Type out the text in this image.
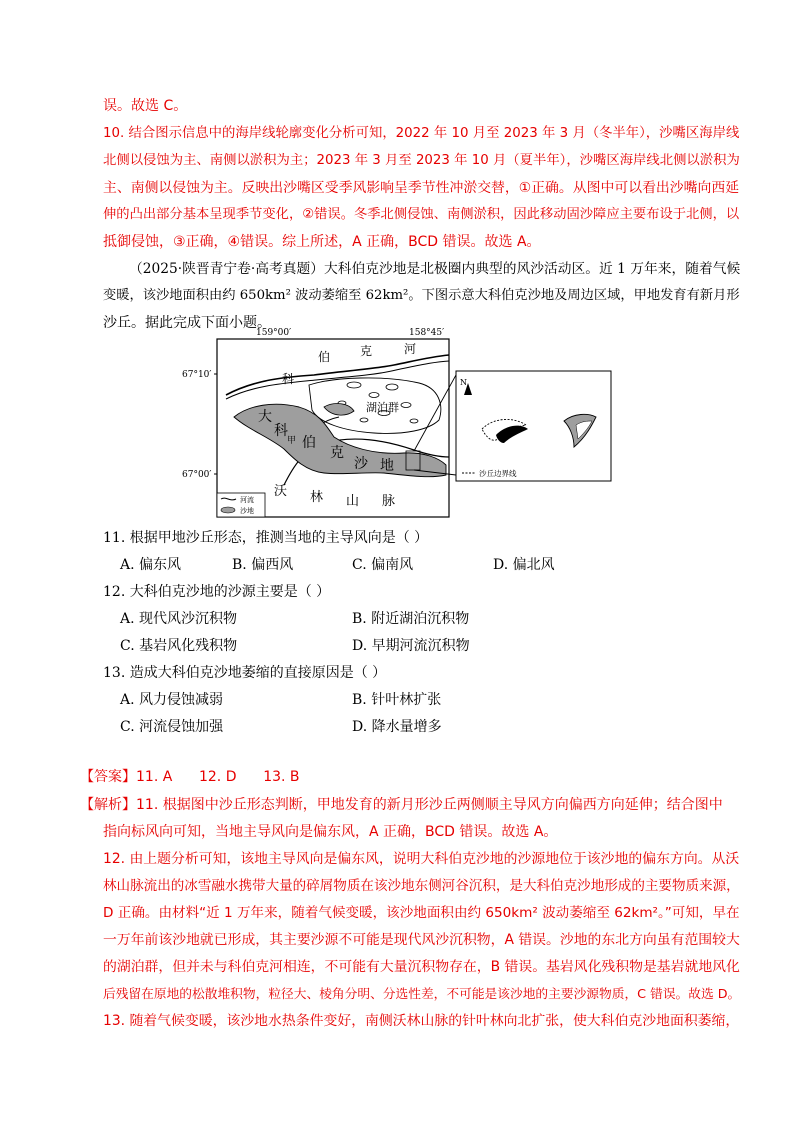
误。故选 C。
10. 结合图示信息中的海岸线轮廓变化分析可知，2022 年 10 月至 2023 年 3 月（冬半年），沙嘴区海岸线
北侧以侵蚀为主、南侧以淤积为主；2023 年 3 月至 2023 年 10 月（夏半年），沙嘴区海岸线北侧以淤积为
主、南侧以侵蚀为主。反映出沙嘴区受季风影响呈季节性冲淤交替，①正确。从图中可以看出沙嘴向西延
伸的凸出部分基本呈现季节变化，②错误。冬季北侧侵蚀、南侧淤积，因此移动固沙障应主要布设于北侧，以
抵御侵蚀，③正确，④错误。综上所述，A 正确，BCD 错误。故选 A。
（2025·陕晋青宁卷·高考真题）大科伯克沙地是北极圈内典型的风沙活动区。近 1 万年来，随着气候
变暖，该沙地面积由约 650km² 波动萎缩至 62km²。下图示意大科伯克沙地及周边区域，甲地发育有新月形
沙丘。据此完成下面小题。
159°00′	158°45′
67°10′
67°00′
科
伯 克	河
大
科
伯
克
沙 地
湖泊群
甲
沃 林 山 脉
河流
沙地
N
沙丘边界线
11. 根据甲地沙丘形态，推测当地的主导风向是（ ）
A. 偏东风	B. 偏西风	C. 偏南风	D. 偏北风
12. 大科伯克沙地的沙源主要是（ ）
A. 现代风沙沉积物	B. 附近湖泊沉积物
C. 基岩风化残积物	D. 早期河流沉积物
13. 造成大科伯克沙地萎缩的直接原因是（ ）
A. 风力侵蚀减弱	B. 针叶林扩张
C. 河流侵蚀加强	D. 降水量增多
【答案】11. A      12. D      13. B
【解析】11. 根据图中沙丘形态判断，甲地发育的新月形沙丘两侧顺主导风方向偏西方向延伸；结合图中
指向标风向可知，当地主导风向是偏东风，A 正确，BCD 错误。故选 A。
12. 由上题分析可知，该地主导风向是偏东风，说明大科伯克沙地的沙源地位于该沙地的偏东方向。从沃
林山脉流出的冰雪融水携带大量的碎屑物质在该沙地东侧河谷沉积，是大科伯克沙地形成的主要物质来源，
D 正确。由材料“近 1 万年来，随着气候变暖，该沙地面积由约 650km² 波动萎缩至 62km²。”可知，早在
一万年前该沙地就已形成，其主要沙源不可能是现代风沙沉积物，A 错误。沙地的东北方向虽有范围较大
的湖泊群，但并未与科伯克河相连，不可能有大量沉积物存在，B 错误。基岩风化残积物是基岩就地风化
后残留在原地的松散堆积物，粒径大、棱角分明、分选性差，不可能是该沙地的主要沙源物质，C 错误。故选 D。
13. 随着气候变暖，该沙地水热条件变好，南侧沃林山脉的针叶林向北扩张，使大科伯克沙地面积萎缩，
